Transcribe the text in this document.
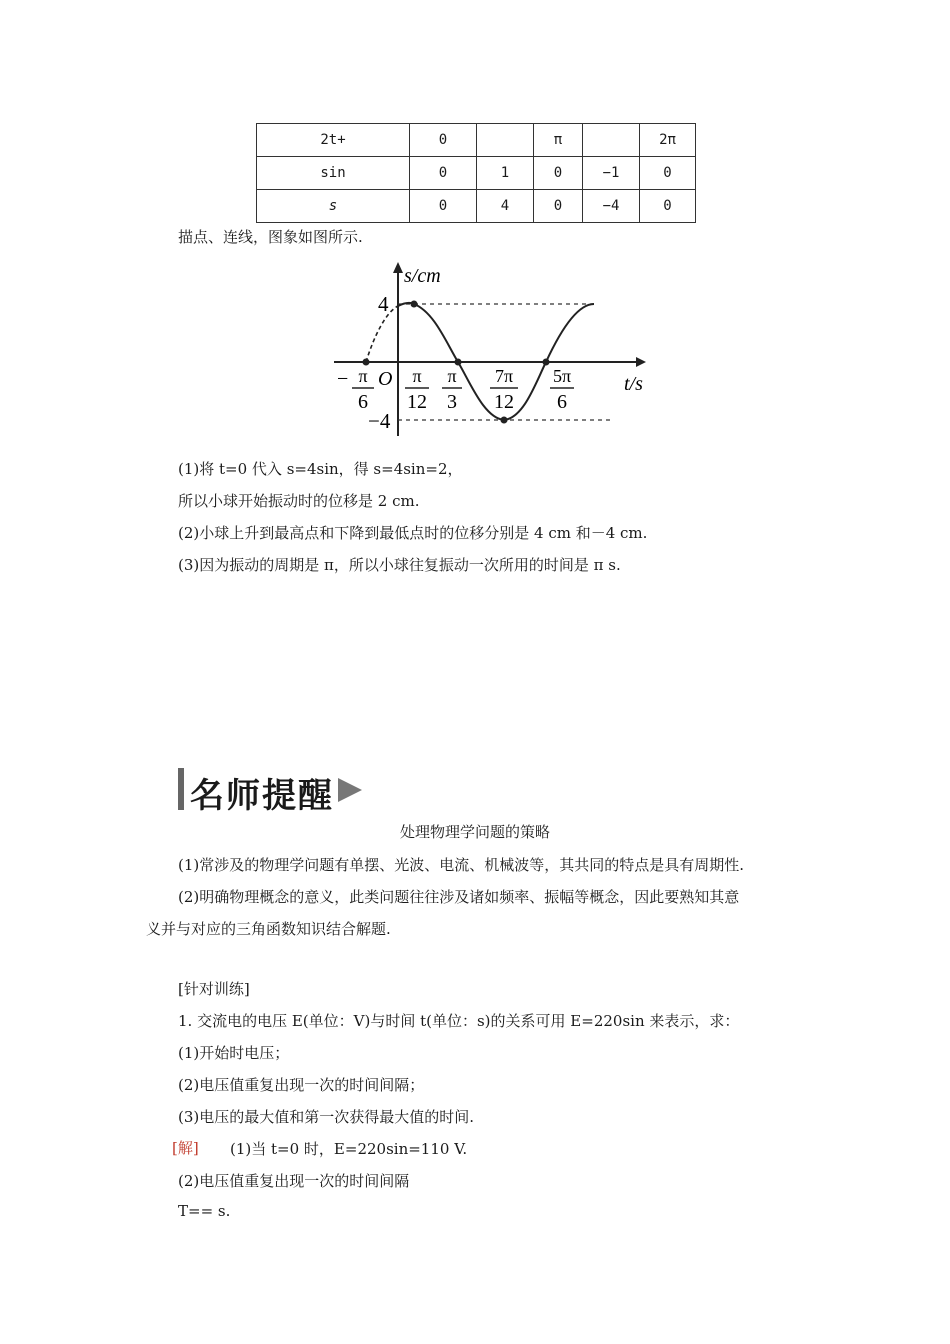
2t+	0		π		2π
sin	0	1	0	−1	0
s	0	4	0	−4	0
描点、连线，图象如图所示.
s/cm
t/s
O
4
−4
− π
6
π
12
π
3
7π
12
5π
6
(1)将 t=0 代入 s=4sin，得 s=4sin=2，
所以小球开始振动时的位移是 2 cm.
(2)小球上升到最高点和下降到最低点时的位移分别是 4 cm 和－4 cm.
(3)因为振动的周期是 π，所以小球往复振动一次所用的时间是 π s.
名师提醒
处理物理学问题的策略
(1)常涉及的物理学问题有单摆、光波、电流、机械波等，其共同的特点是具有周期性.
(2)明确物理概念的意义，此类问题往往涉及诸如频率、振幅等概念，因此要熟知其意
义并与对应的三角函数知识结合解题.
[针对训练]
1. 交流电的电压 E(单位：V)与时间 t(单位：s)的关系可用 E=220sin 来表示，求：
(1)开始时电压；
(2)电压值重复出现一次的时间间隔；
(3)电压的最大值和第一次获得最大值的时间.
[解] (1)当 t=0 时，E=220sin=110 V.
(2)电压值重复出现一次的时间间隔
T== s.
